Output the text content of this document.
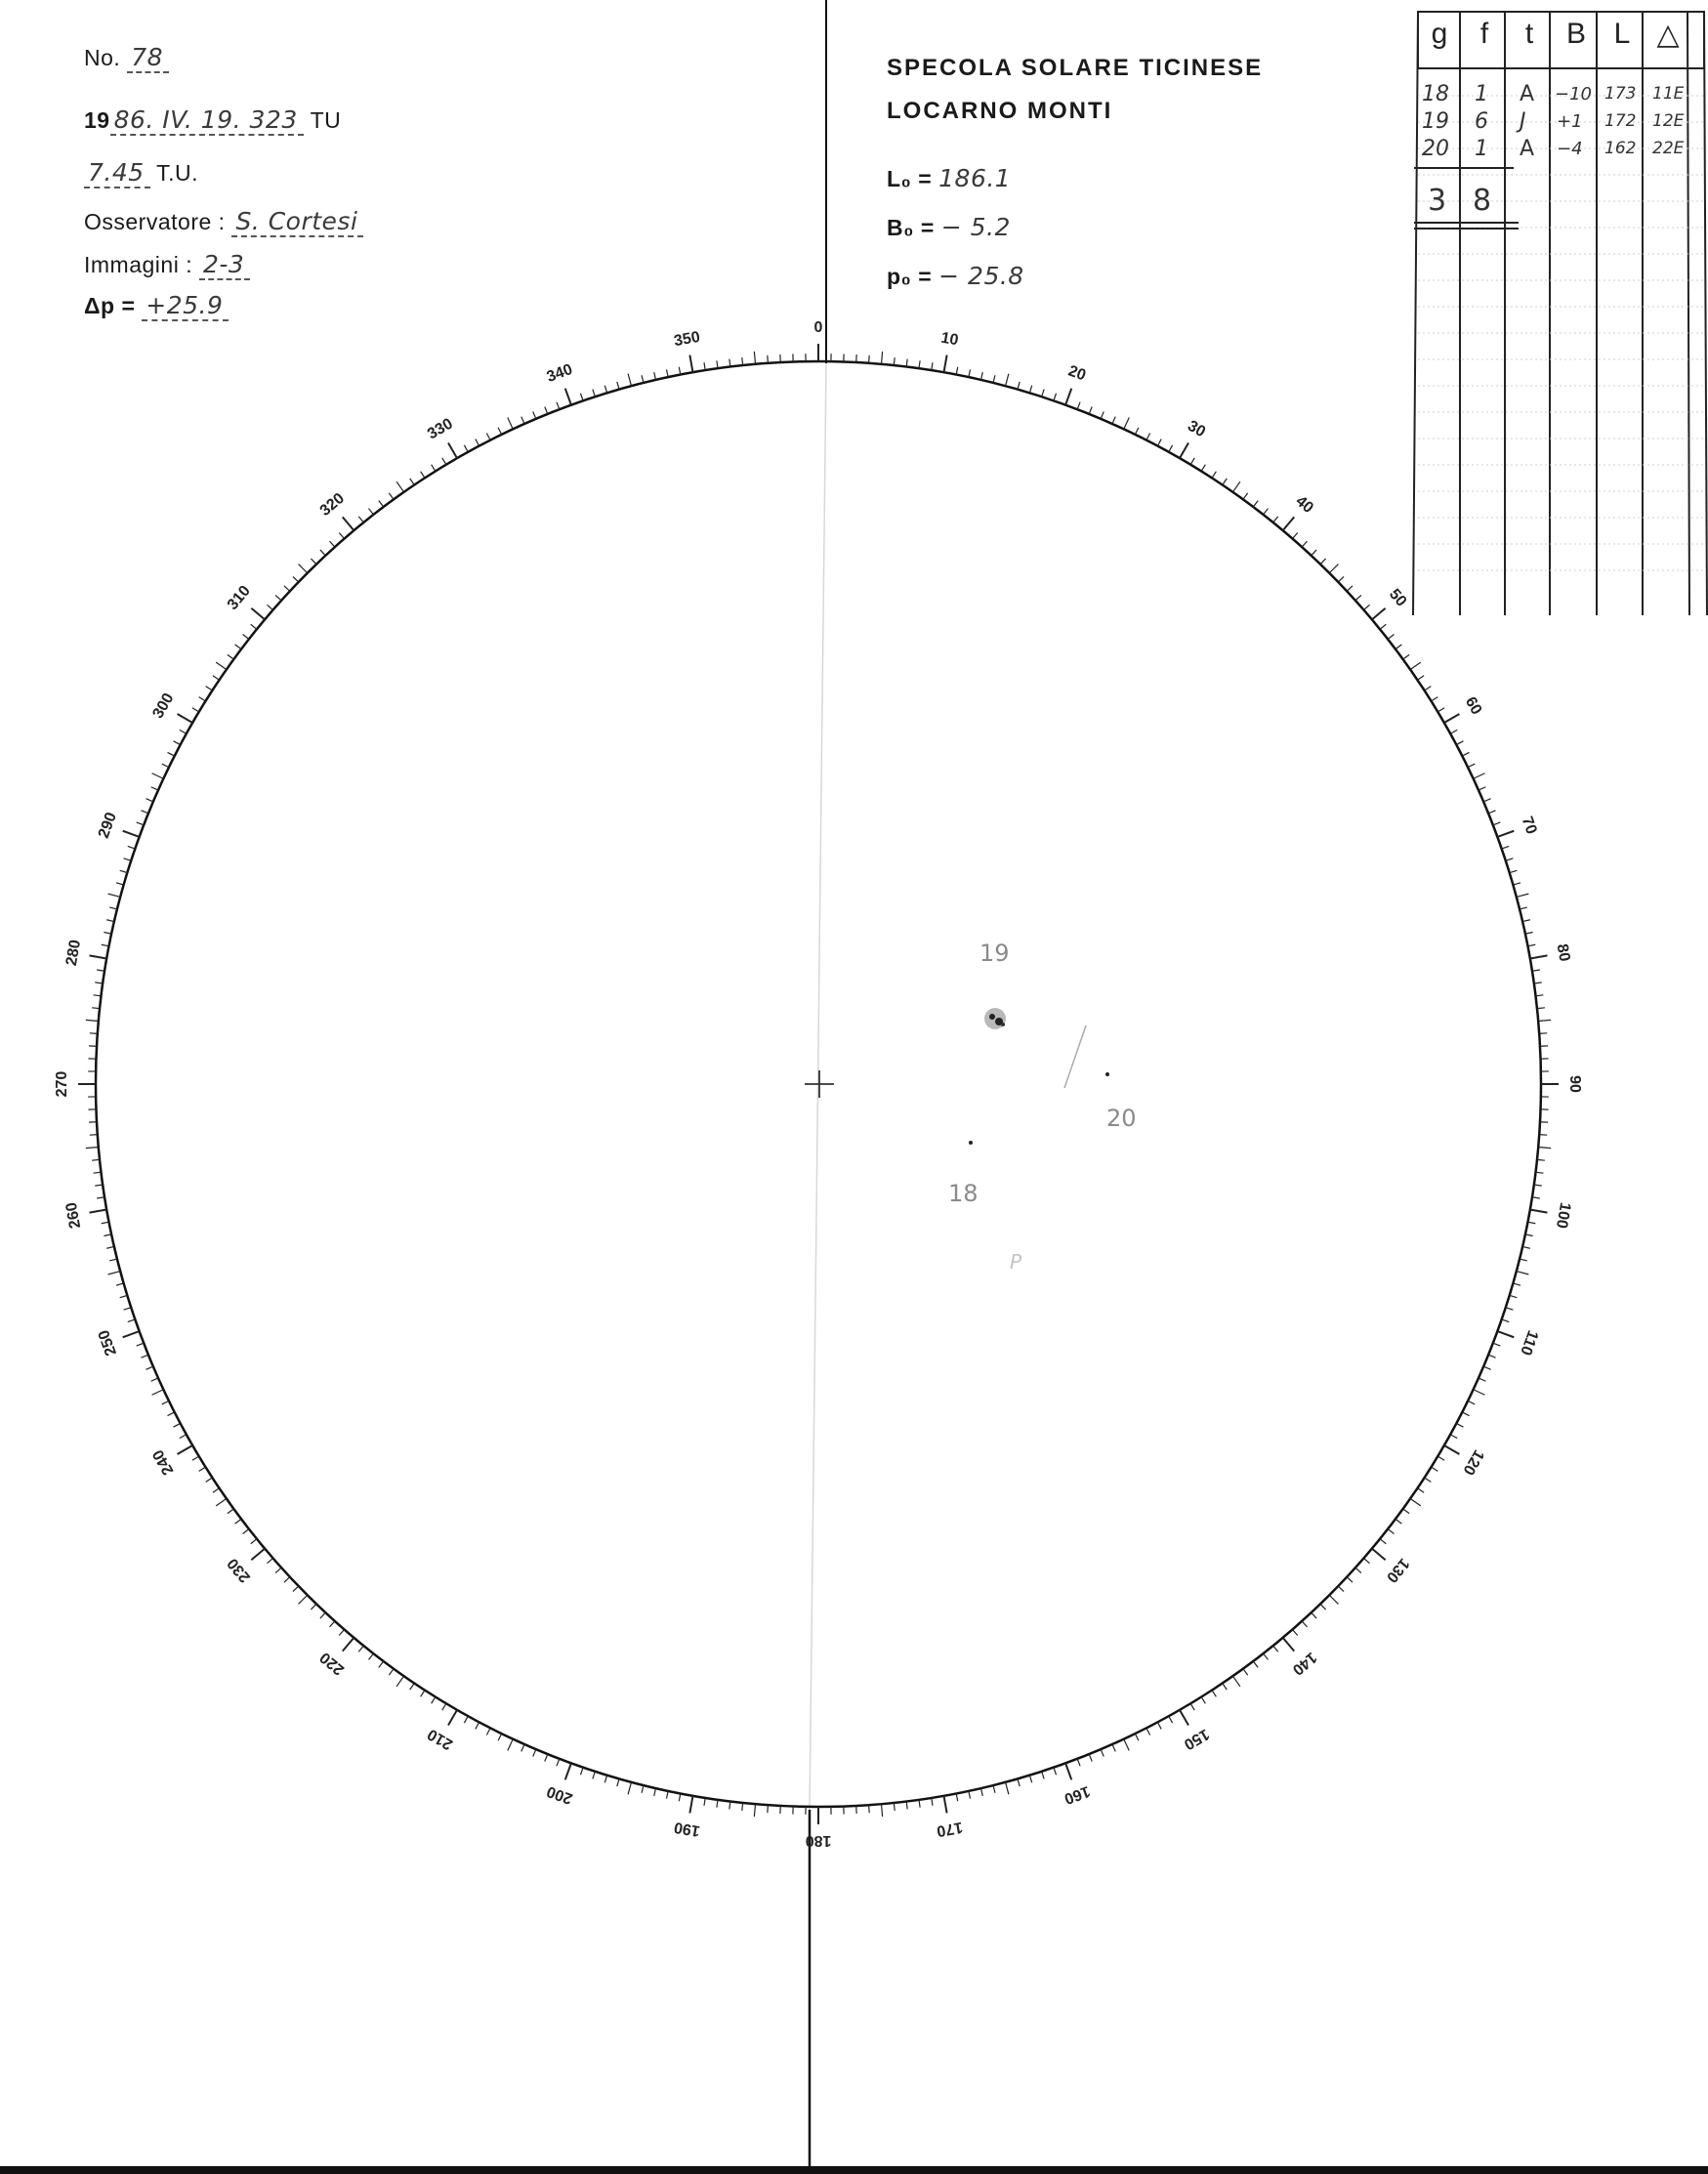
0
10
20
30
40
50
60
70
80
90
100
110
120
130
140
150
160
170
180
190
200
210
220
230
240
250
260
270
280
290
300
310
320
330
340
350
No. 78
19 86. IV. 19. 323 TU
7.45 T.U.
Osservatore : S. Cortesi
Immagini : 2-3
Δp = +25.9
SPECOLA SOLARE TICINESE
LOCARNO MONTI
L₀ = 186.1
B₀ = − 5.2
p₀ = − 25.8
g	f	t	B L △
18 1 A −10 173 11E
19 6 J +1 172 12E
20 1 A −4 162 22E
3 8
19
20
18
P
